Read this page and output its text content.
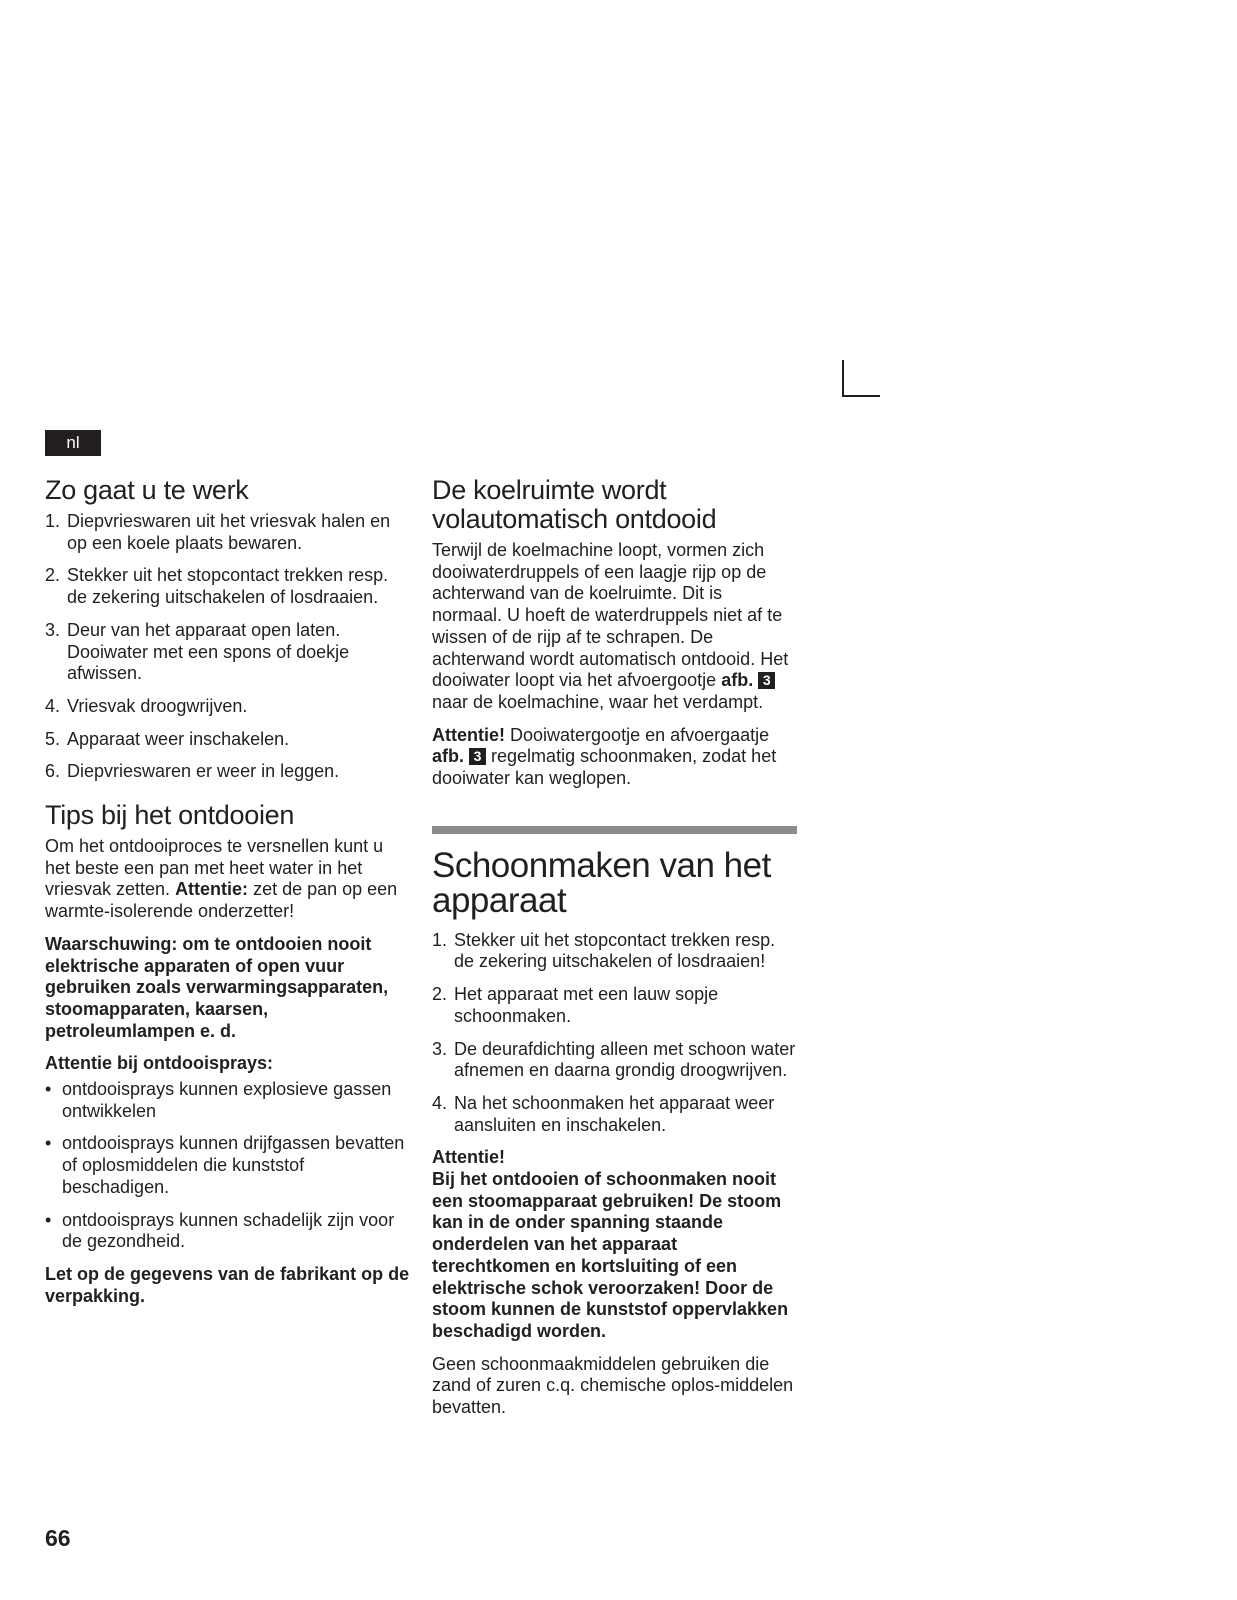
nl
Zo gaat u te werk
1. Diepvrieswaren uit het vriesvak halen en op een koele plaats bewaren.
2. Stekker uit het stopcontact trekken resp. de zekering uitschakelen of losdraaien.
3. Deur van het apparaat open laten. Dooiwater met een spons of doekje afwissen.
4. Vriesvak droogwrijven.
5. Apparaat weer inschakelen.
6. Diepvrieswaren er weer in leggen.
Tips bij het ontdooien

Om het ontdooiproces te versnellen kunt u het beste een pan met heet water in het vriesvak zetten. Attentie: zet de pan op een warmte-isolerende onderzetter!

Waarschuwing: om te ontdooien nooit elektrische apparaten of open vuur gebruiken zoals verwarmingsapparaten, stoomapparaten, kaarsen, petroleumlampen e. d.

Attentie bij ontdooisprays:

• ontdooisprays kunnen explosieve gassen ontwikkelen
• ontdooisprays kunnen drijfgassen bevatten of oplosmiddelen die kunststof beschadigen.
• ontdooisprays kunnen schadelijk zijn voor de gezondheid.

Let op de gegevens van de fabrikant op de verpakking.

De koelruimte wordt
volautomatisch ontdooid

Terwijl de koelmachine loopt, vormen zich dooiwaterdruppels of een laagje rijp op de achterwand van de koelruimte. Dit is normaal. U hoeft de waterdruppels niet af te wissen of de rijp af te schrapen. De achterwand wordt automatisch ontdooid. Het dooiwater loopt via het afvoergootje afb. 3 naar de koelmachine, waar het verdampt.

Attentie! Dooiwatergootje en afvoergaatje afb. 3 regelmatig schoonmaken, zodat het dooiwater kan weglopen.

Schoonmaken van het apparaat
1. Stekker uit het stopcontact trekken resp. de zekering uitschakelen of losdraaien!
2. Het apparaat met een lauw sopje schoonmaken.
3. De deurafdichting alleen met schoon water afnemen en daarna grondig droogwrijven.
4. Na het schoonmaken het apparaat weer aansluiten en inschakelen.

Attentie!

Bij het ontdooien of schoonmaken nooit een stoomapparaat gebruiken! De stoom kan in de onder spanning staande onderdelen van het apparaat terechtkomen en kortsluiting of een elektrische schok veroorzaken! Door de stoom kunnen de kunststof oppervlakken beschadigd worden.

Geen schoonmaakmiddelen gebruiken die zand of zuren c.q. chemische oplos-middelen bevatten.

66
